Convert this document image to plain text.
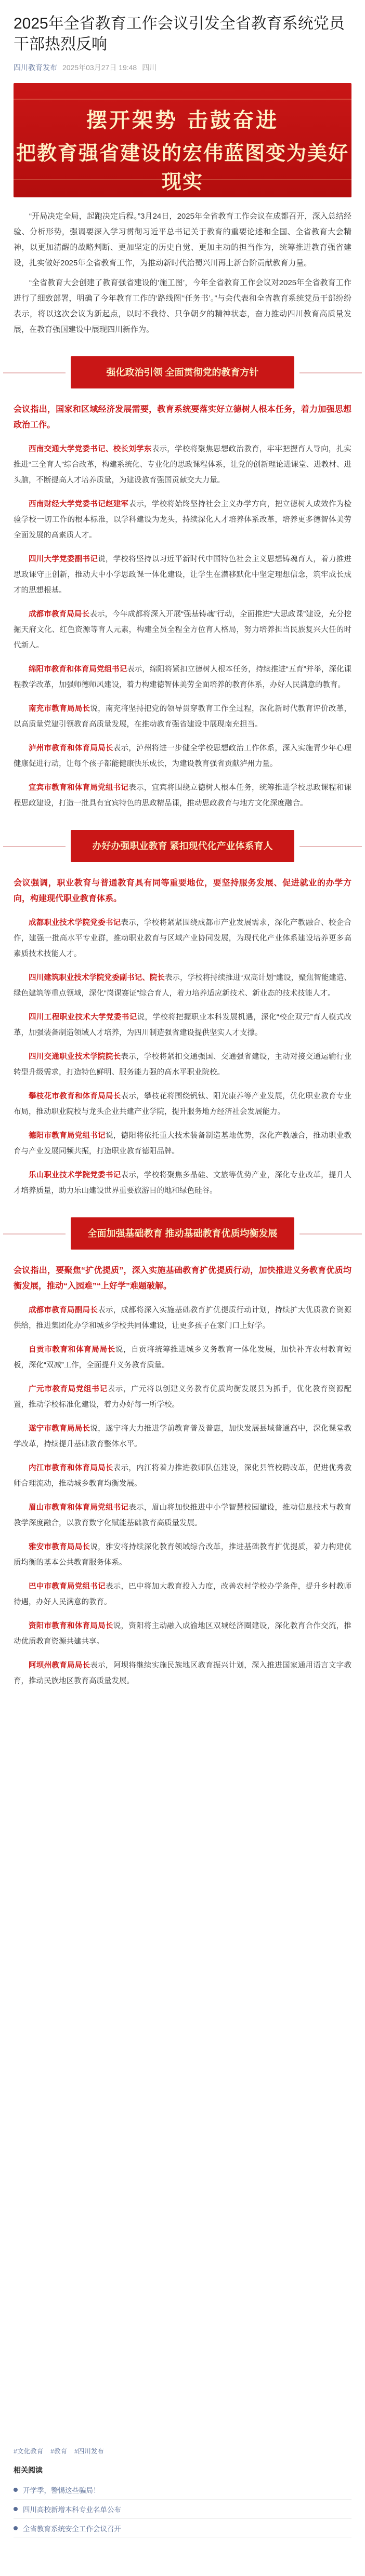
2025年全省教育工作会议引发全省教育系统党员干部热烈反响
四川教育发布 2025年03月27日 19:48 四川
摆开架势 击鼓奋进
把教育强省建设的宏伟蓝图变为美好现实

“开局决定全局，起跑决定后程。”3月24日，2025年全省教育工作会议在成都召开，深入总结经验、分析形势，强调要深入学习贯彻习近平总书记关于教育的重要论述和全国、全省教育大会精神，以更加清醒的战略判断、更加坚定的历史自觉、更加主动的担当作为，统筹推进教育强省建设，扎实做好2025年全省教育工作，为推动新时代治蜀兴川再上新台阶贡献教育力量。

“全省教育大会创建了教育强省建设的‘施工图’，今年全省教育工作会议对2025年全省教育工作进行了细致部署，明确了今年教育工作的‘路线图’‘任务书’。”与会代表和全省教育系统党员干部纷纷表示，将以这次会议为新起点，以时不我待、只争朝夕的精神状态，奋力推动四川教育高质量发展，在教育强国建设中展现四川新作为。

强化政治引领 全面贯彻党的教育方针
会议指出，国家和区域经济发展需要，教育系统要落实好立德树人根本任务，着力加强思想政治工作。

西南交通大学党委书记、校长刘学东表示，学校将聚焦思想政治教育，牢牢把握育人导向，扎实推进“三全育人”综合改革，构建系统化、专业化的思政课程体系，让党的创新理论进课堂、进教材、进头脑，不断提高人才培养质量，为建设教育强国贡献交大力量。

西南财经大学党委书记赵建军表示，学校将始终坚持社会主义办学方向，把立德树人成效作为检验学校一切工作的根本标准，以学科建设为龙头，持续深化人才培养体系改革，培养更多德智体美劳全面发展的高素质人才。

四川大学党委副书记说，学校将坚持以习近平新时代中国特色社会主义思想铸魂育人，着力推进思政课守正创新，推动大中小学思政课一体化建设，让学生在潜移默化中坚定理想信念，筑牢成长成才的思想根基。

成都市教育局局长表示，今年成都将深入开展“强基铸魂”行动，全面推进“大思政课”建设，充分挖掘天府文化、红色资源等育人元素，构建全员全程全方位育人格局，努力培养担当民族复兴大任的时代新人。

绵阳市教育和体育局党组书记表示，绵阳将紧扣立德树人根本任务，持续推进“五育”并举，深化课程教学改革，加强师德师风建设，着力构建德智体美劳全面培养的教育体系，办好人民满意的教育。

南充市教育局局长说，南充将坚持把党的领导贯穿教育工作全过程，深化新时代教育评价改革，以高质量党建引领教育高质量发展，在推动教育强省建设中展现南充担当。

泸州市教育和体育局局长表示，泸州将进一步健全学校思想政治工作体系，深入实施青少年心理健康促进行动，让每个孩子都能健康快乐成长，为建设教育强省贡献泸州力量。

宜宾市教育和体育局党组书记表示，宜宾将围绕立德树人根本任务，统筹推进学校思政课程和课程思政建设，打造一批具有宜宾特色的思政精品课，推动思政教育与地方文化深度融合。

办好办强职业教育 紧扣现代化产业体系育人
会议强调，职业教育与普通教育具有同等重要地位，要坚持服务发展、促进就业的办学方向，构建现代职业教育体系。

成都职业技术学院党委书记表示，学校将紧紧围绕成都市产业发展需求，深化产教融合、校企合作，建强一批高水平专业群，推动职业教育与区域产业协同发展，为现代化产业体系建设培养更多高素质技术技能人才。

四川建筑职业技术学院党委副书记、院长表示，学校将持续推进“双高计划”建设，聚焦智能建造、绿色建筑等重点领域，深化“岗课赛证”综合育人，着力培养适应新技术、新业态的技术技能人才。

四川工程职业技术大学党委书记说，学校将把握职业本科发展机遇，深化“校企双元”育人模式改革，加强装备制造领域人才培养，为四川制造强省建设提供坚实人才支撑。

四川交通职业技术学院院长表示，学校将紧扣交通强国、交通强省建设，主动对接交通运输行业转型升级需求，打造特色鲜明、服务能力强的高水平职业院校。

攀枝花市教育和体育局局长表示，攀枝花将围绕钒钛、阳光康养等产业发展，优化职业教育专业布局，推动职业院校与龙头企业共建产业学院，提升服务地方经济社会发展能力。

德阳市教育局党组书记说，德阳将依托重大技术装备制造基地优势，深化产教融合，推动职业教育与产业发展同频共振，打造职业教育德阳品牌。

乐山职业技术学院党委书记表示，学校将聚焦多晶硅、文旅等优势产业，深化专业改革，提升人才培养质量，助力乐山建设世界重要旅游目的地和绿色硅谷。

全面加强基础教育 推动基础教育优质均衡发展
会议指出，要聚焦“扩优提质”，深入实施基础教育扩优提质行动，加快推进义务教育优质均衡发展，推动“入园难”“上好学”难题破解。

成都市教育局副局长表示，成都将深入实施基础教育扩优提质行动计划，持续扩大优质教育资源供给，推进集团化办学和城乡学校共同体建设，让更多孩子在家门口上好学。

自贡市教育和体育局局长说，自贡将统筹推进城乡义务教育一体化发展，加快补齐农村教育短板，深化“双减”工作，全面提升义务教育质量。

广元市教育局党组书记表示，广元将以创建义务教育优质均衡发展县为抓手，优化教育资源配置，推动学校标准化建设，着力办好每一所学校。

遂宁市教育局局长说，遂宁将大力推进学前教育普及普惠，加快发展县域普通高中，深化课堂教学改革，持续提升基础教育整体水平。

内江市教育和体育局局长表示，内江将着力推进教师队伍建设，深化县管校聘改革，促进优秀教师合理流动，推动城乡教育均衡发展。

眉山市教育和体育局党组书记表示，眉山将加快推进中小学智慧校园建设，推动信息技术与教育教学深度融合，以教育数字化赋能基础教育高质量发展。

雅安市教育局局长说，雅安将持续深化教育领域综合改革，推进基础教育扩优提质，着力构建优质均衡的基本公共教育服务体系。

巴中市教育局党组书记表示，巴中将加大教育投入力度，改善农村学校办学条件，提升乡村教师待遇，办好人民满意的教育。

资阳市教育和体育局局长说，资阳将主动融入成渝地区双城经济圈建设，深化教育合作交流，推动优质教育资源共建共享。

阿坝州教育局局长表示，阿坝将继续实施民族地区教育振兴计划，深入推进国家通用语言文字教育，推动民族地区教育高质量发展。

#文化教育 #教育 #四川发布
相关阅读
开学季，警惕这些骗局！
四川高校新增本科专业名单公布
全省教育系统安全工作会议召开
